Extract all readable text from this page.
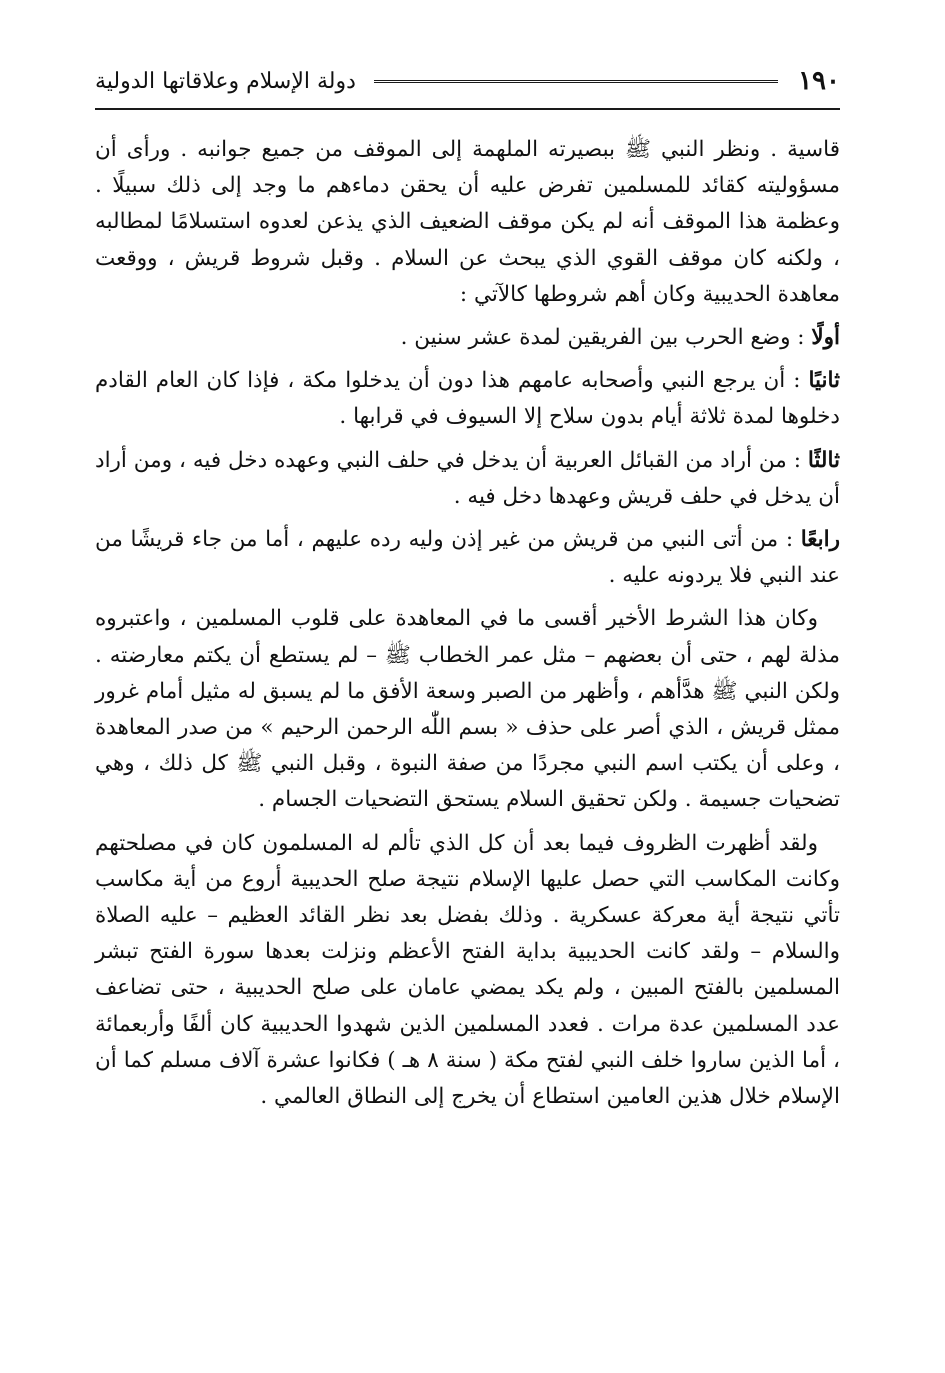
١٩٠
دولة الإسلام وعلاقاتها الدولية

قاسية . ونظر النبي ﷺ ببصيرته الملهمة إلى الموقف من جميع جوانبه . ورأى أن مسؤوليته كقائد للمسلمين تفرض عليه أن يحقن دماءهم ما وجد إلى ذلك سبيلًا . وعظمة هذا الموقف أنه لم يكن موقف الضعيف الذي يذعن لعدوه استسلامًا لمطالبه ، ولكنه كان موقف القوي الذي يبحث عن السلام . وقبل شروط قريش ، ووقعت معاهدة الحديبية وكان أهم شروطها كالآتي :

أولًا : وضع الحرب بين الفريقين لمدة عشر سنين .

ثانيًا : أن يرجع النبي وأصحابه عامهم هذا دون أن يدخلوا مكة ، فإذا كان العام القادم دخلوها لمدة ثلاثة أيام بدون سلاح إلا السيوف في قرابها .

ثالثًا : من أراد من القبائل العربية أن يدخل في حلف النبي وعهده دخل فيه ، ومن أراد أن يدخل في حلف قريش وعهدها دخل فيه .

رابعًا : من أتى النبي من قريش من غير إذن وليه رده عليهم ، أما من جاء قريشًا من عند النبي فلا يردونه عليه .

وكان هذا الشرط الأخير أقسى ما في المعاهدة على قلوب المسلمين ، واعتبروه مذلة لهم ، حتى أن بعضهم – مثل عمر الخطاب ﷺ – لم يستطع أن يكتم معارضته . ولكن النبي ﷺ هدَّأهم ، وأظهر من الصبر وسعة الأفق ما لم يسبق له مثيل أمام غرور ممثل قريش ، الذي أصر على حذف « بسم اللّٰه الرحمن الرحيم » من صدر المعاهدة ، وعلى أن يكتب اسم النبي مجردًا من صفة النبوة ، وقبل النبي ﷺ كل ذلك ، وهي تضحيات جسيمة . ولكن تحقيق السلام يستحق التضحيات الجسام .

ولقد أظهرت الظروف فيما بعد أن كل الذي تألم له المسلمون كان في مصلحتهم وكانت المكاسب التي حصل عليها الإسلام نتيجة صلح الحديبية أروع من أية مكاسب تأتي نتيجة أية معركة عسكرية . وذلك بفضل بعد نظر القائد العظيم – عليه الصلاة والسلام – ولقد كانت الحديبية بداية الفتح الأعظم ونزلت بعدها سورة الفتح تبشر المسلمين بالفتح المبين ، ولم يكد يمضي عامان على صلح الحديبية ، حتى تضاعف عدد المسلمين عدة مرات . فعدد المسلمين الذين شهدوا الحديبية كان ألفًا وأربعمائة ، أما الذين ساروا خلف النبي لفتح مكة ( سنة ٨ هـ ) فكانوا عشرة آلاف مسلم كما أن الإسلام خلال هذين العامين استطاع أن يخرج إلى النطاق العالمي .
